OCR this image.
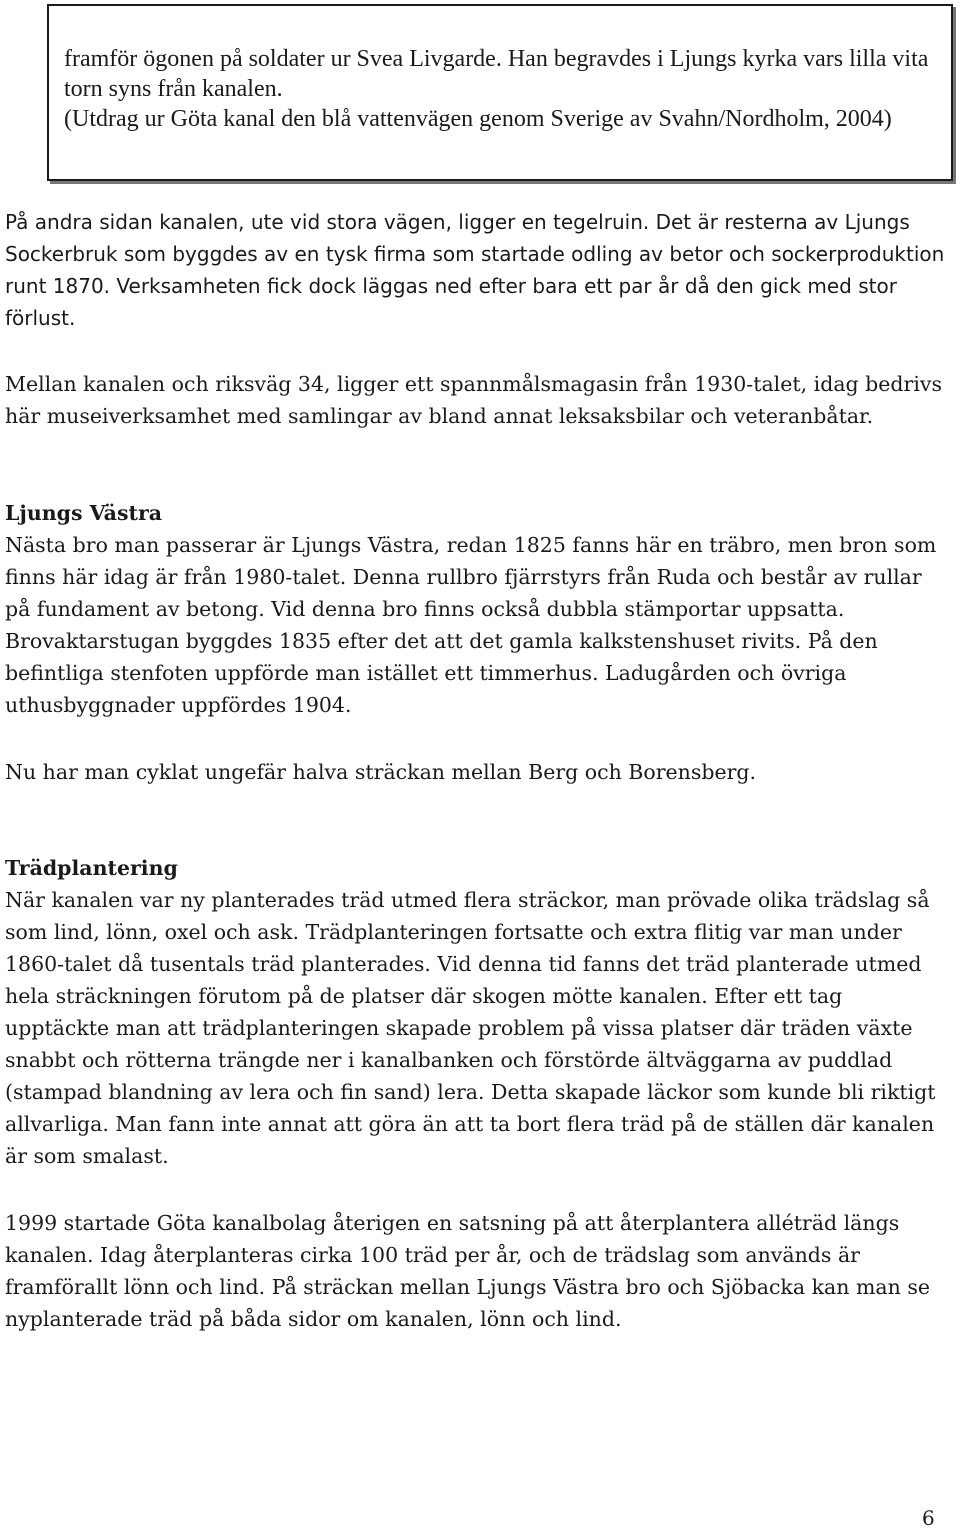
framför ögonen på soldater ur Svea Livgarde. Han begravdes i Ljungs kyrka vars lilla vita torn syns från kanalen.

(Utdrag ur Göta kanal den blå vattenvägen genom Sverige av Svahn/Nordholm, 2004)

På andra sidan kanalen, ute vid stora vägen, ligger en tegelruin. Det är resterna av Ljungs Sockerbruk som byggdes av en tysk firma som startade odling av betor och sockerproduktion runt 1870. Verksamheten fick dock läggas ned efter bara ett par år då den gick med stor förlust.

Mellan kanalen och riksväg 34, ligger ett spannmålsmagasin från 1930-talet, idag bedrivs här museiverksamhet med samlingar av bland annat leksaksbilar och veteranbåtar.

Ljungs Västra
Nästa bro man passerar är Ljungs Västra, redan 1825 fanns här en träbro, men bron som finns här idag är från 1980-talet. Denna rullbro fjärrstyrs från Ruda och består av rullar på fundament av betong. Vid denna bro finns också dubbla stämportar uppsatta. Brovaktarstugan byggdes 1835 efter det att det gamla kalkstenshuset rivits. På den befintliga stenfoten uppförde man istället ett timmerhus. Ladugården och övriga uthusbyggnader uppfördes 1904.

Nu har man cyklat ungefär halva sträckan mellan Berg och Borensberg.

Trädplantering
När kanalen var ny planterades träd utmed flera sträckor, man prövade olika trädslag så som lind, lönn, oxel och ask. Trädplanteringen fortsatte och extra flitig var man under 1860-talet då tusentals träd planterades. Vid denna tid fanns det träd planterade utmed hela sträckningen förutom på de platser där skogen mötte kanalen. Efter ett tag upptäckte man att trädplanteringen skapade problem på vissa platser där träden växte snabbt och rötterna trängde ner i kanalbanken och förstörde ältväggarna av puddlad (stampad blandning av lera och fin sand) lera. Detta skapade läckor som kunde bli riktigt allvarliga. Man fann inte annat att göra än att ta bort flera träd på de ställen där kanalen är som smalast.

1999 startade Göta kanalbolag återigen en satsning på att återplantera alléträd längs kanalen. Idag återplanteras cirka 100 träd per år, och de trädslag som används är framförallt lönn och lind. På sträckan mellan Ljungs Västra bro och Sjöbacka kan man se nyplanterade träd på båda sidor om kanalen, lönn och lind.

6
